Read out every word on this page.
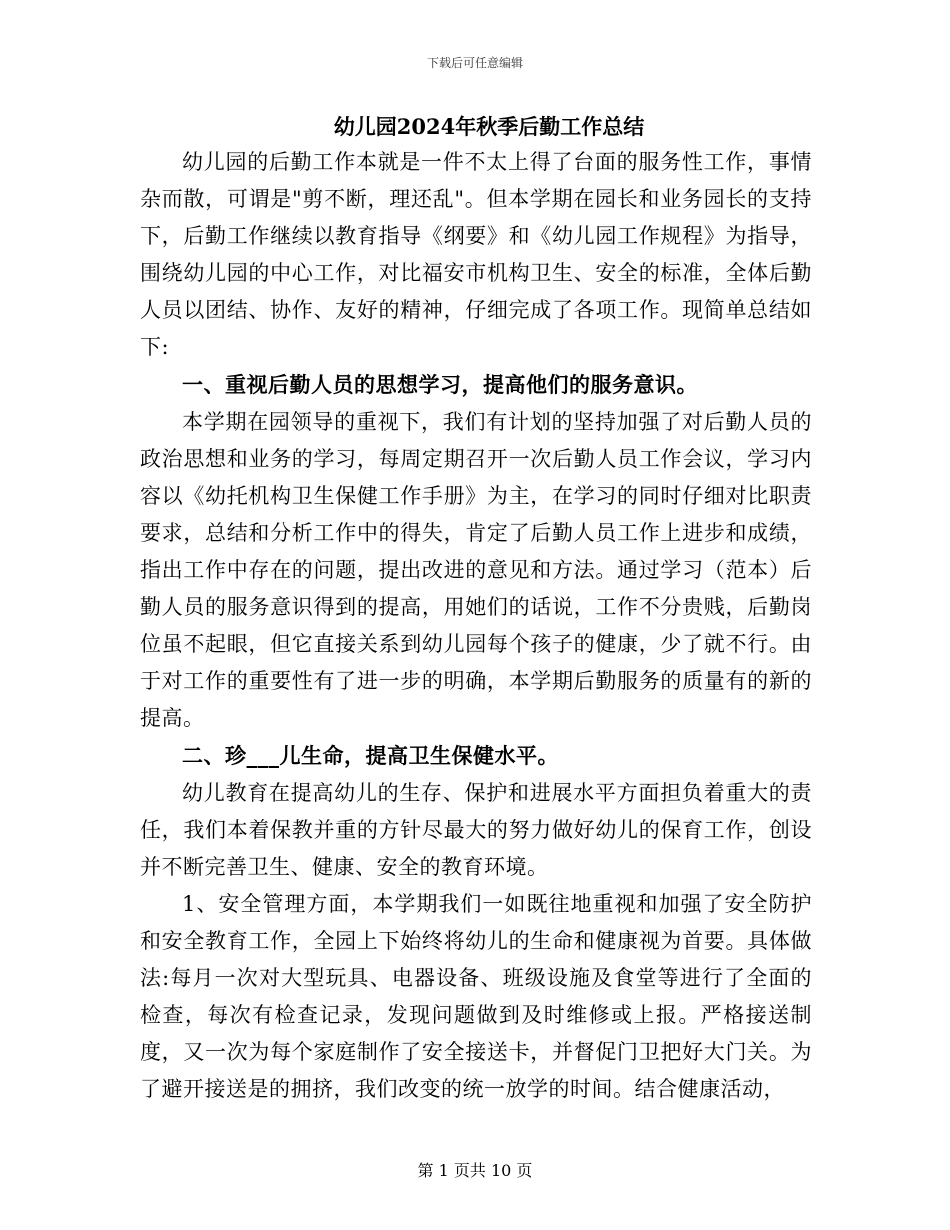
下载后可任意编辑

幼儿园2024年秋季后勤工作总结

幼儿园的后勤工作本就是一件不太上得了台面的服务性工作，事情杂而散，可谓是"剪不断，理还乱"。但本学期在园长和业务园长的支持下，后勤工作继续以教育指导《纲要》和《幼儿园工作规程》为指导，围绕幼儿园的中心工作，对比福安市机构卫生、安全的标准，全体后勤人员以团结、协作、友好的精神，仔细完成了各项工作。现简单总结如下:

一、重视后勤人员的思想学习，提高他们的服务意识。

本学期在园领导的重视下，我们有计划的坚持加强了对后勤人员的政治思想和业务的学习，每周定期召开一次后勤人员工作会议，学习内容以《幼托机构卫生保健工作手册》为主，在学习的同时仔细对比职责要求，总结和分析工作中的得失，肯定了后勤人员工作上进步和成绩，指出工作中存在的问题，提出改进的意见和方法。通过学习（范本）后勤人员的服务意识得到的提高，用她们的话说，工作不分贵贱，后勤岗位虽不起眼，但它直接关系到幼儿园每个孩子的健康，少了就不行。由于对工作的重要性有了进一步的明确，本学期后勤服务的质量有的新的提高。

二、珍___儿生命，提高卫生保健水平。

幼儿教育在提高幼儿的生存、保护和进展水平方面担负着重大的责任，我们本着保教并重的方针尽最大的努力做好幼儿的保育工作，创设并不断完善卫生、健康、安全的教育环境。

1、安全管理方面，本学期我们一如既往地重视和加强了安全防护和安全教育工作，全园上下始终将幼儿的生命和健康视为首要。具体做法:每月一次对大型玩具、电器设备、班级设施及食堂等进行了全面的检查，每次有检查记录，发现问题做到及时维修或上报。严格接送制度，又一次为每个家庭制作了安全接送卡，并督促门卫把好大门关。为了避开接送是的拥挤，我们改变的统一放学的时间。结合健康活动，

第 1 页共 10 页
